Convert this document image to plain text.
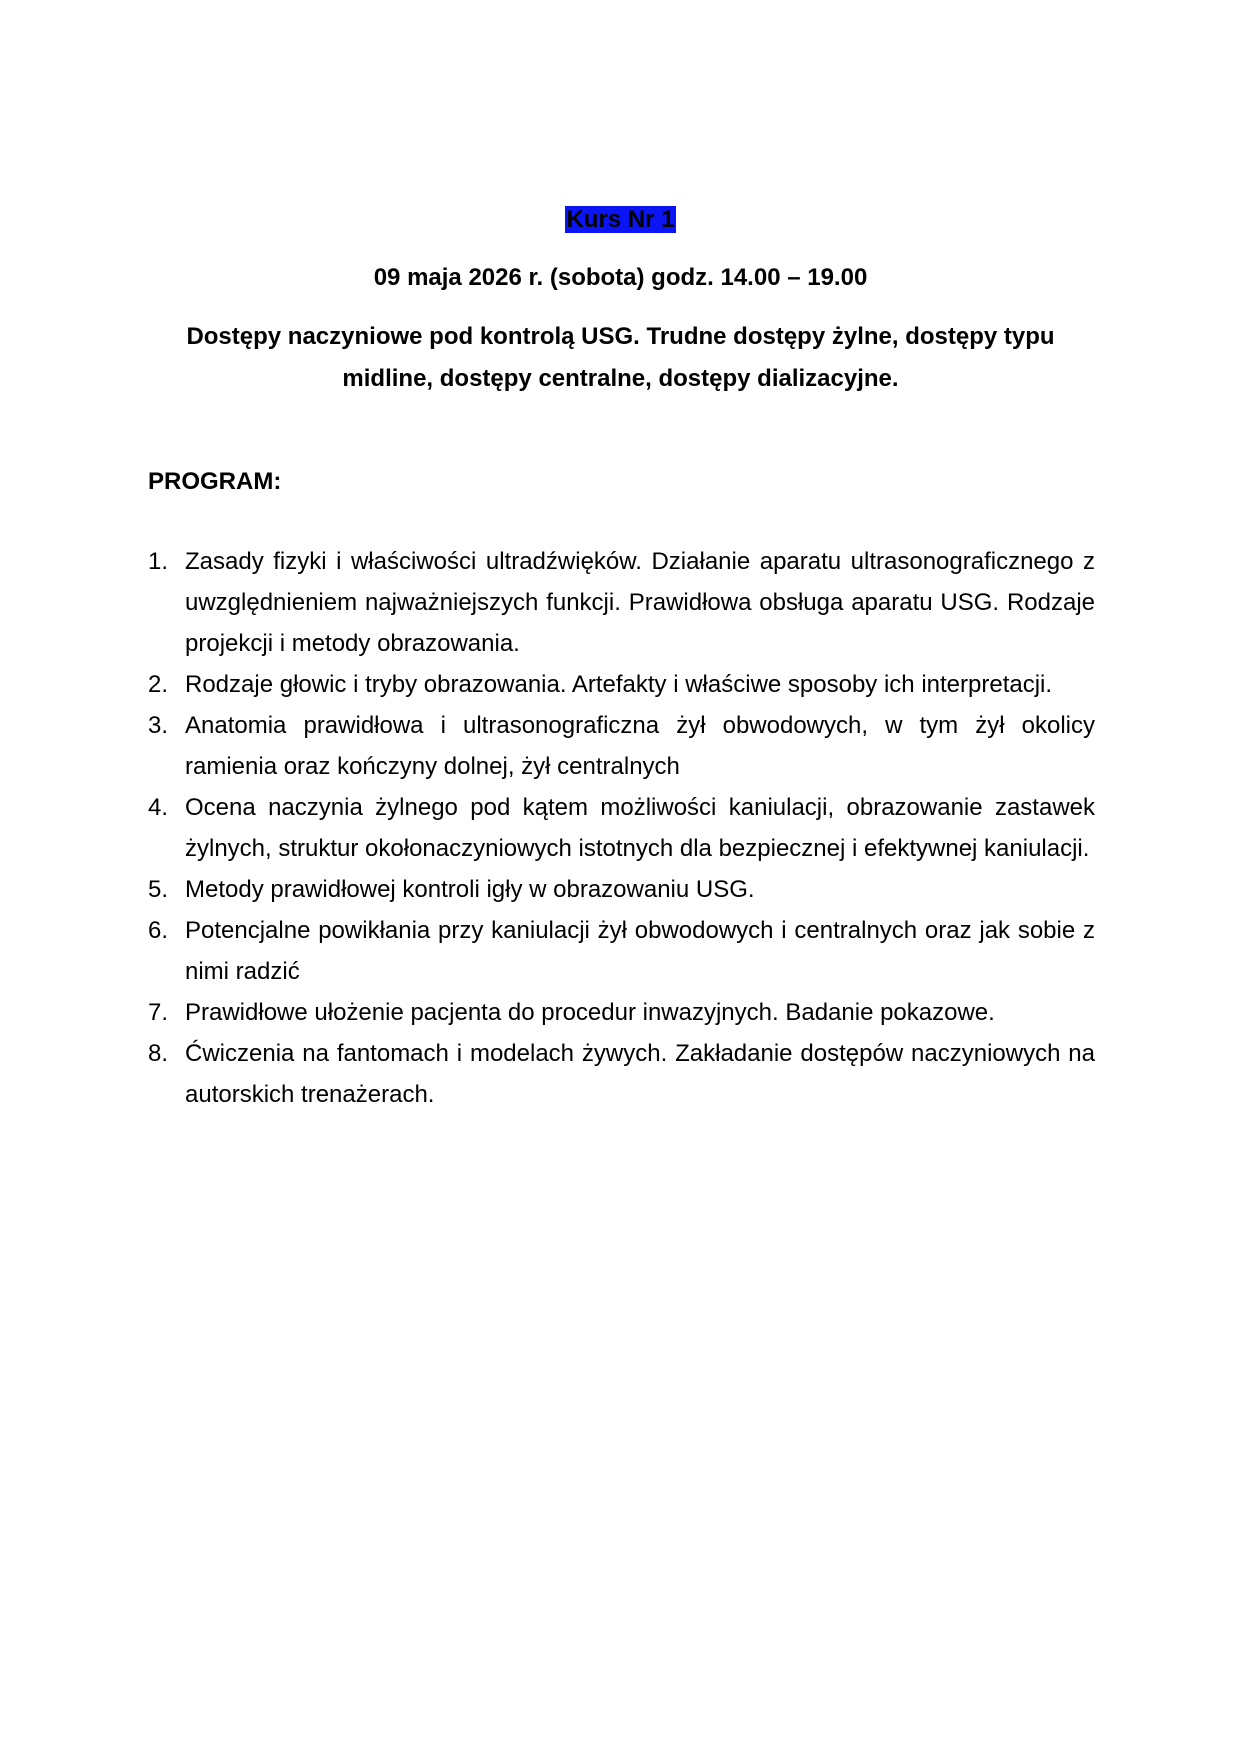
Kurs Nr 1
09 maja 2026 r. (sobota) godz. 14.00 – 19.00
Dostępy naczyniowe pod kontrolą USG. Trudne dostępy żylne, dostępy typu midline, dostępy centralne, dostępy dializacyjne.
PROGRAM:
1. Zasady fizyki i właściwości ultradźwięków. Działanie aparatu ultrasonograficznego z uwzględnieniem najważniejszych funkcji. Prawidłowa obsługa aparatu USG. Rodzaje projekcji i metody obrazowania.
2. Rodzaje głowic i tryby obrazowania. Artefakty i właściwe sposoby ich interpretacji.
3. Anatomia prawidłowa i ultrasonograficzna żył obwodowych, w tym żył okolicy ramienia oraz kończyny dolnej, żył centralnych
4. Ocena naczynia żylnego pod kątem możliwości kaniulacji, obrazowanie zastawek żylnych, struktur okołonaczyniowych istotnych dla bezpiecznej i efektywnej kaniulacji.
5. Metody prawidłowej kontroli igły w obrazowaniu USG.
6. Potencjalne powikłania przy kaniulacji żył obwodowych i centralnych oraz jak sobie z nimi radzić
7. Prawidłowe ułożenie pacjenta do procedur inwazyjnych. Badanie pokazowe.
8. Ćwiczenia na fantomach i modelach żywych. Zakładanie dostępów naczyniowych na autorskich trenażerach.
